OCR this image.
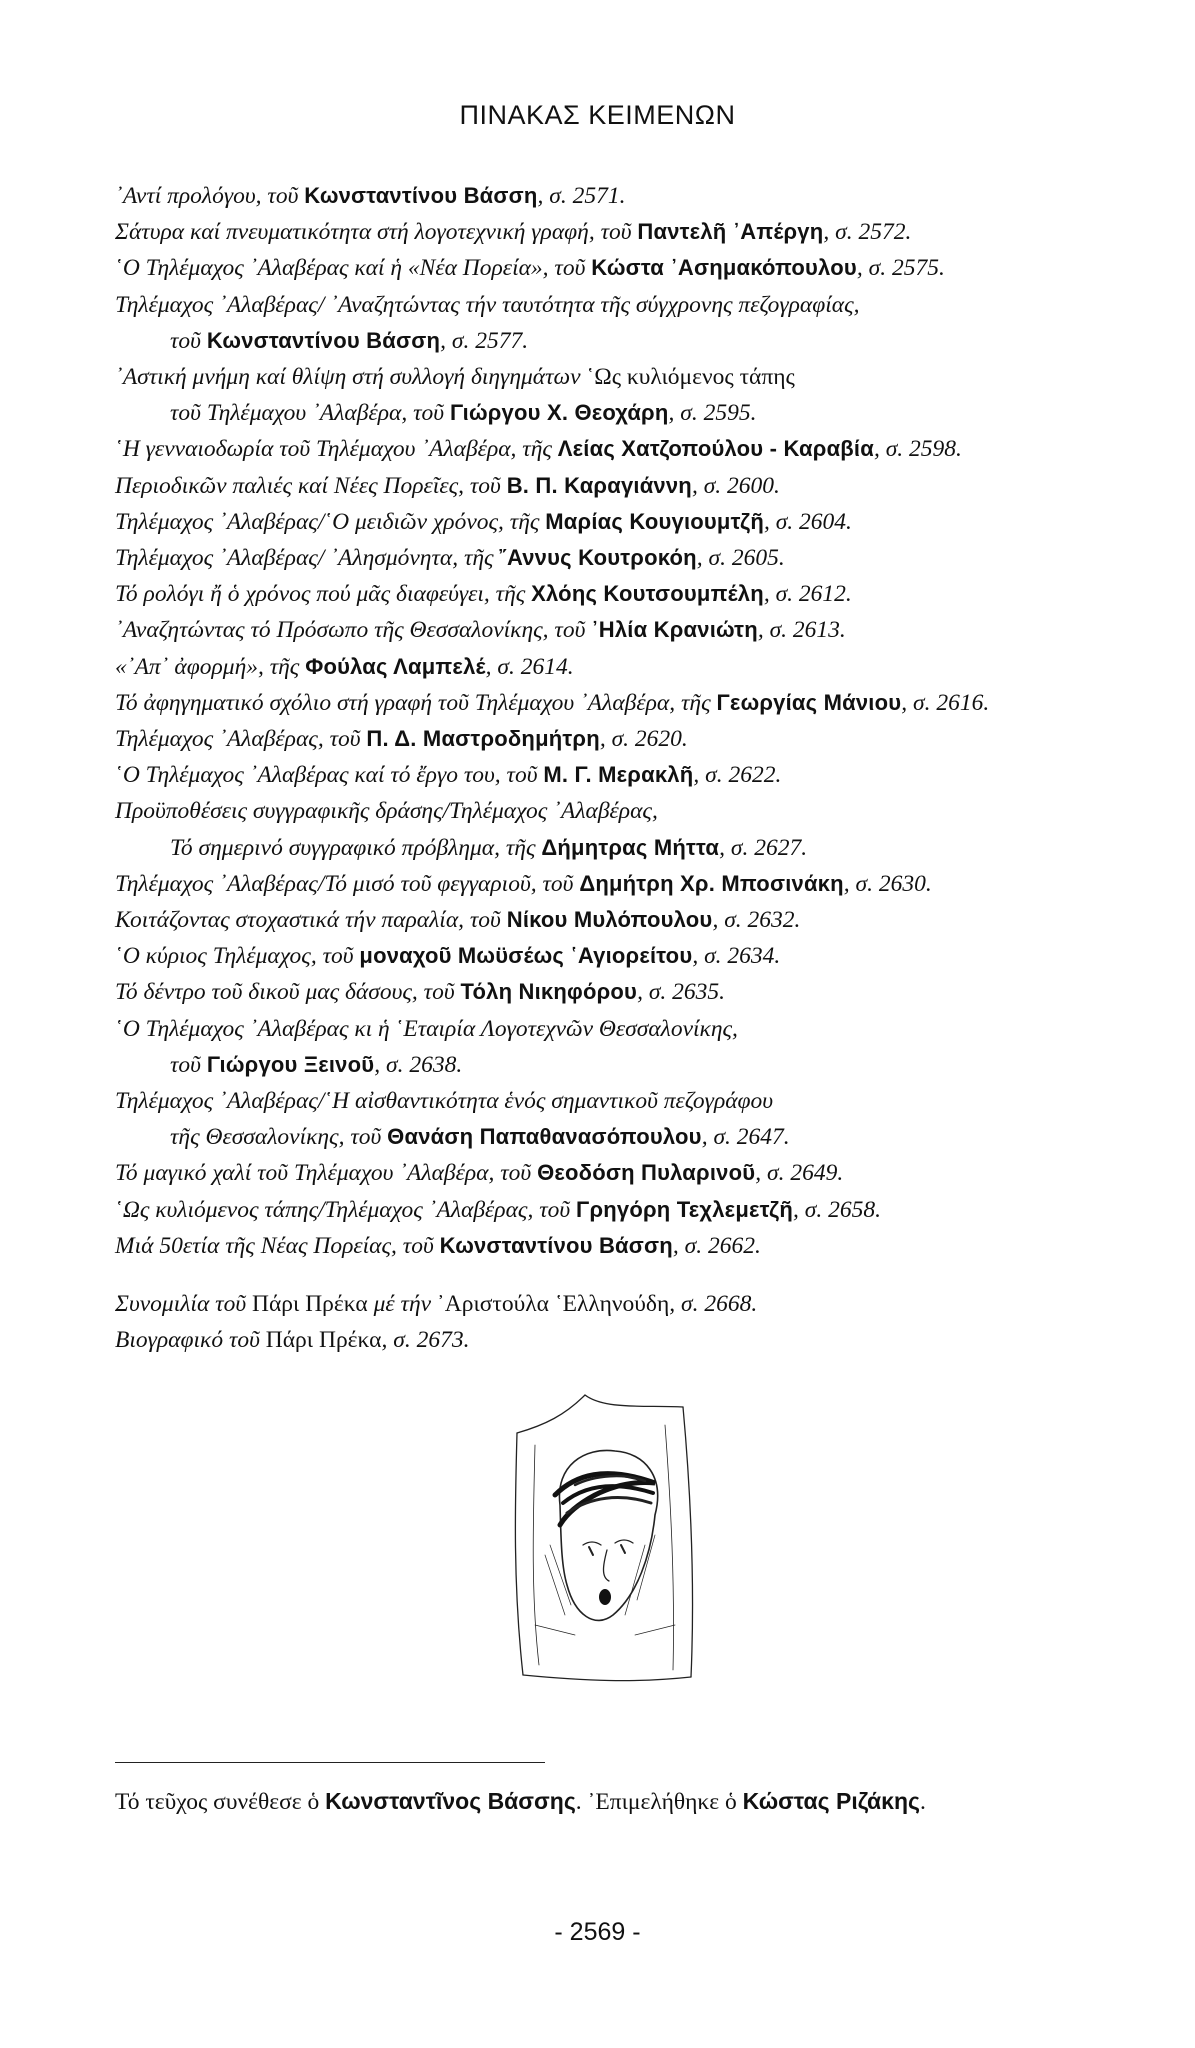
ΠΙΝΑΚΑΣ ΚΕΙΜΕΝΩΝ
᾿Αντί προλόγου, τοῦ Κωνσταντίνου Βάσση, σ. 2571.
Σάτυρα καί πνευματικότητα στή λογοτεχνική γραφή, τοῦ Παντελῆ ᾿Απέργη, σ. 2572.
῾Ο Τηλέμαχος ᾿Αλαβέρας καί ἡ «Νέα Πορεία», τοῦ Κώστα ᾿Ασημακόπουλου, σ. 2575.
Τηλέμαχος ᾿Αλαβέρας/ ᾿Αναζητώντας τήν ταυτότητα τῆς σύγχρονης πεζογραφίας,
τοῦ Κωνσταντίνου Βάσση, σ. 2577.
᾿Αστική μνήμη καί θλίψη στή συλλογή διηγημάτων ῾Ως κυλιόμενος τάπης
τοῦ Τηλέμαχου ᾿Αλαβέρα, τοῦ Γιώργου Χ. Θεοχάρη, σ. 2595.
῾Η γενναιοδωρία τοῦ Τηλέμαχου ᾿Αλαβέρα, τῆς Λείας Χατζοπούλου - Καραβία, σ. 2598.
Περιοδικῶν παλιές καί Νέες Πορεῖες, τοῦ Β. Π. Καραγιάννη, σ. 2600.
Τηλέμαχος ᾿Αλαβέρας/῾Ο μειδιῶν χρόνος, τῆς Μαρίας Κουγιουμτζῆ, σ. 2604.
Τηλέμαχος ᾿Αλαβέρας/ ᾿Αλησμόνητα, τῆς ῎Αννυς Κουτροκόη, σ. 2605.
Τό ρολόγι ἤ ὁ χρόνος πού μᾶς διαφεύγει, τῆς Χλόης Κουτσουμπέλη, σ. 2612.
᾿Αναζητώντας τό Πρόσωπο τῆς Θεσσαλονίκης, τοῦ ᾿Ηλία Κρανιώτη, σ. 2613.
«᾿Απ᾿ ἀφορμή», τῆς Φούλας Λαμπελέ, σ. 2614.
Τό ἀφηγηματικό σχόλιο στή γραφή τοῦ Τηλέμαχου ᾿Αλαβέρα, τῆς Γεωργίας Μάνιου, σ. 2616.
Τηλέμαχος ᾿Αλαβέρας, τοῦ Π. Δ. Μαστροδημήτρη, σ. 2620.
῾Ο Τηλέμαχος ᾿Αλαβέρας καί τό ἔργο του, τοῦ Μ. Γ. Μερακλῆ, σ. 2622.
Προϋποθέσεις συγγραφικῆς δράσης/Τηλέμαχος ᾿Αλαβέρας,
Τό σημερινό συγγραφικό πρόβλημα, τῆς Δήμητρας Μήττα, σ. 2627.
Τηλέμαχος ᾿Αλαβέρας/Τό μισό τοῦ φεγγαριοῦ, τοῦ Δημήτρη Χρ. Μποσινάκη, σ. 2630.
Κοιτάζοντας στοχαστικά τήν παραλία, τοῦ Νίκου Μυλόπουλου, σ. 2632.
῾Ο κύριος Τηλέμαχος, τοῦ μοναχοῦ Μωϋσέως ῾Αγιορείτου, σ. 2634.
Τό δέντρο τοῦ δικοῦ μας δάσους, τοῦ Τόλη Νικηφόρου, σ. 2635.
῾Ο Τηλέμαχος ᾿Αλαβέρας κι ἡ ῾Εταιρία Λογοτεχνῶν Θεσσαλονίκης,
τοῦ Γιώργου Ξεινοῦ, σ. 2638.
Τηλέμαχος ᾿Αλαβέρας/῾Η αἰσθαντικότητα ἑνός σημαντικοῦ πεζογράφου
τῆς Θεσσαλονίκης, τοῦ Θανάση Παπαθανασόπουλου, σ. 2647.
Τό μαγικό χαλί τοῦ Τηλέμαχου ᾿Αλαβέρα, τοῦ Θεοδόση Πυλαρινοῦ, σ. 2649.
῾Ως κυλιόμενος τάπης/Τηλέμαχος ᾿Αλαβέρας, τοῦ Γρηγόρη Τεχλεμετζῆ, σ. 2658.
Μιά 50ετία τῆς Νέας Πορείας, τοῦ Κωνσταντίνου Βάσση, σ. 2662.
Συνομιλία τοῦ Πάρι Πρέκα μέ τήν ᾿Αριστούλα ῾Ελληνούδη, σ. 2668.
Βιογραφικό τοῦ Πάρι Πρέκα, σ. 2673.
Τό τεῦχος συνέθεσε ὁ Κωνσταντῖνος Βάσσης. ᾿Επιμελήθηκε ὁ Κώστας Ριζάκης.
- 2569 -
